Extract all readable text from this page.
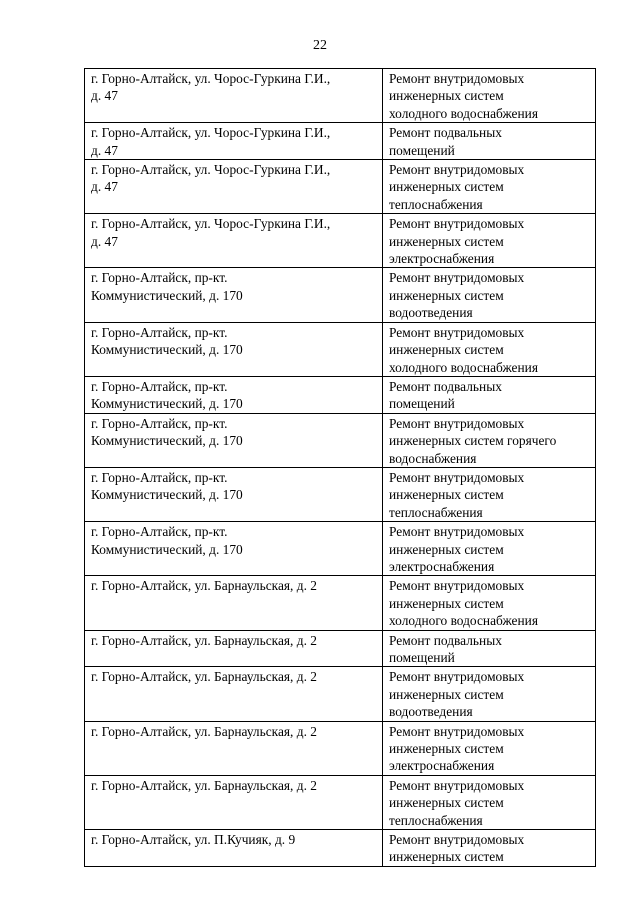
22
г. Горно-Алтайск, ул. Чорос-Гуркина Г.И.,
д. 47	Ремонт внутридомовых
инженерных систем
холодного водоснабжения

г. Горно-Алтайск, ул. Чорос-Гуркина Г.И.,
д. 47	Ремонт подвальных
помещений

г. Горно-Алтайск, ул. Чорос-Гуркина Г.И.,
д. 47	Ремонт внутридомовых
инженерных систем
теплоснабжения

г. Горно-Алтайск, ул. Чорос-Гуркина Г.И.,
д. 47	Ремонт внутридомовых
инженерных систем
электроснабжения

г. Горно-Алтайск, пр-кт.
Коммунистический, д. 170	Ремонт внутридомовых
инженерных систем
водоотведения

г. Горно-Алтайск, пр-кт.
Коммунистический, д. 170	Ремонт внутридомовых
инженерных систем
холодного водоснабжения

г. Горно-Алтайск, пр-кт.
Коммунистический, д. 170	Ремонт подвальных
помещений

г. Горно-Алтайск, пр-кт.
Коммунистический, д. 170	Ремонт внутридомовых
инженерных систем горячего
водоснабжения

г. Горно-Алтайск, пр-кт.
Коммунистический, д. 170	Ремонт внутридомовых
инженерных систем
теплоснабжения

г. Горно-Алтайск, пр-кт.
Коммунистический, д. 170	Ремонт внутридомовых
инженерных систем
электроснабжения

г. Горно-Алтайск, ул. Барнаульская, д. 2	Ремонт внутридомовых
инженерных систем
холодного водоснабжения

г. Горно-Алтайск, ул. Барнаульская, д. 2	Ремонт подвальных
помещений

г. Горно-Алтайск, ул. Барнаульская, д. 2	Ремонт внутридомовых
инженерных систем
водоотведения

г. Горно-Алтайск, ул. Барнаульская, д. 2	Ремонт внутридомовых
инженерных систем
электроснабжения

г. Горно-Алтайск, ул. Барнаульская, д. 2	Ремонт внутридомовых
инженерных систем
теплоснабжения

г. Горно-Алтайск, ул. П.Кучияк, д. 9	Ремонт внутридомовых
инженерных систем
